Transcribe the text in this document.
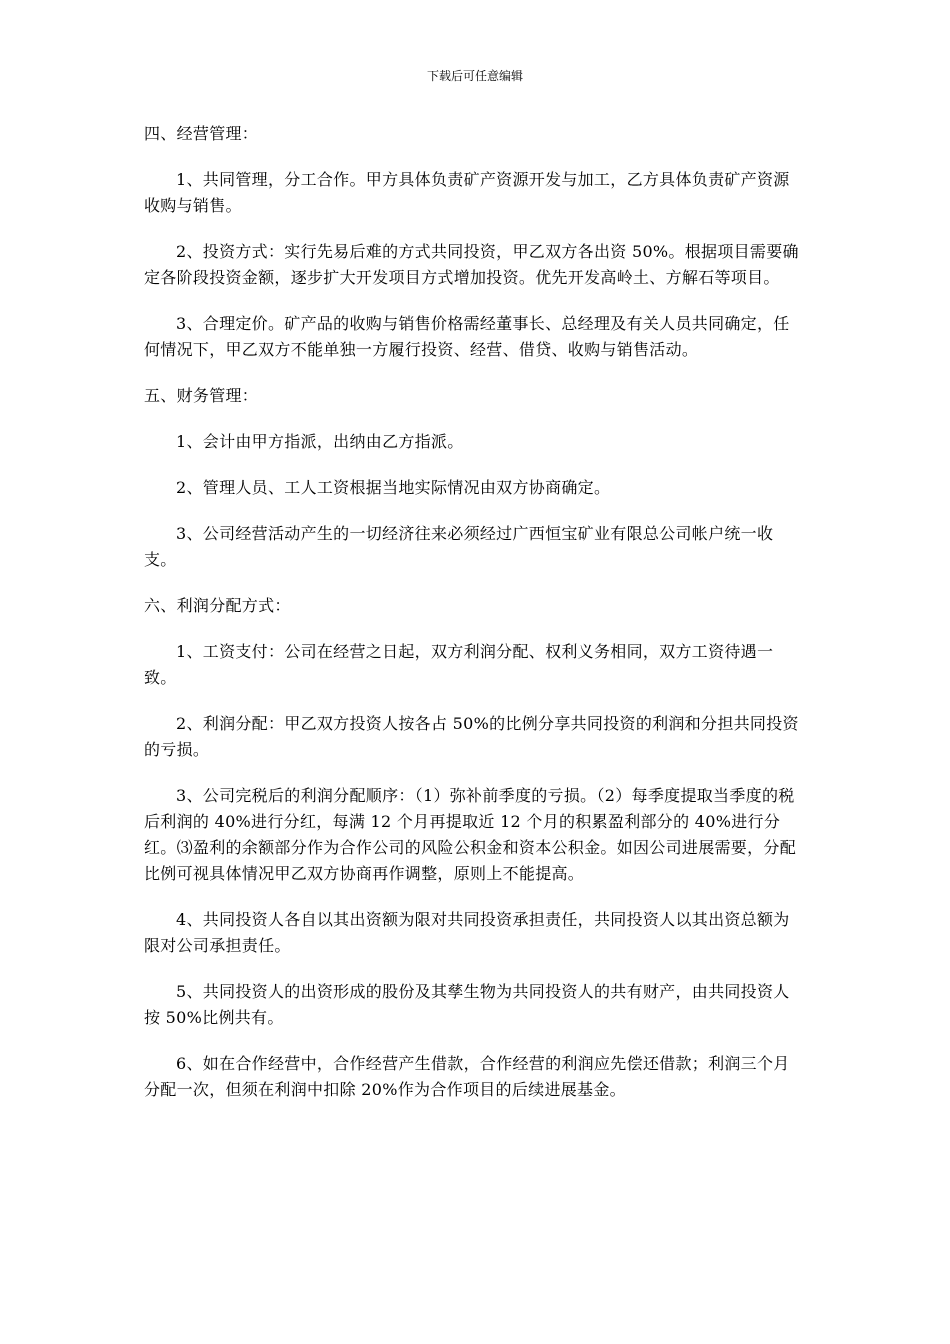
下载后可任意编辑
四、经营管理：
1、共同管理，分工合作。甲方具体负责矿产资源开发与加工，乙方具体负责矿产资源收购与销售。
2、投资方式：实行先易后难的方式共同投资，甲乙双方各出资 50%。根据项目需要确定各阶段投资金额，逐步扩大开发项目方式增加投资。优先开发高岭土、方解石等项目。
3、合理定价。矿产品的收购与销售价格需经董事长、总经理及有关人员共同确定，任何情况下，甲乙双方不能单独一方履行投资、经营、借贷、收购与销售活动。
五、财务管理：
1、会计由甲方指派，出纳由乙方指派。
2、管理人员、工人工资根据当地实际情况由双方协商确定。
3、公司经营活动产生的一切经济往来必须经过广西恒宝矿业有限总公司帐户统一收支。
六、利润分配方式：
1、工资支付：公司在经营之日起，双方利润分配、权利义务相同，双方工资待遇一致。
2、利润分配：甲乙双方投资人按各占 50%的比例分享共同投资的利润和分担共同投资的亏损。
3、公司完税后的利润分配顺序：（1）弥补前季度的亏损。（2）每季度提取当季度的税后利润的 40%进行分红，每满 12 个月再提取近 12 个月的积累盈利部分的 40%进行分红。⑶盈利的余额部分作为合作公司的风险公积金和资本公积金。如因公司进展需要，分配比例可视具体情况甲乙双方协商再作调整，原则上不能提高。
4、共同投资人各自以其出资额为限对共同投资承担责任，共同投资人以其出资总额为限对公司承担责任。
5、共同投资人的出资形成的股份及其孳生物为共同投资人的共有财产，由共同投资人按 50%比例共有。
6、如在合作经营中，合作经营产生借款，合作经营的利润应先偿还借款；利润三个月分配一次，但须在利润中扣除 20%作为合作项目的后续进展基金。
